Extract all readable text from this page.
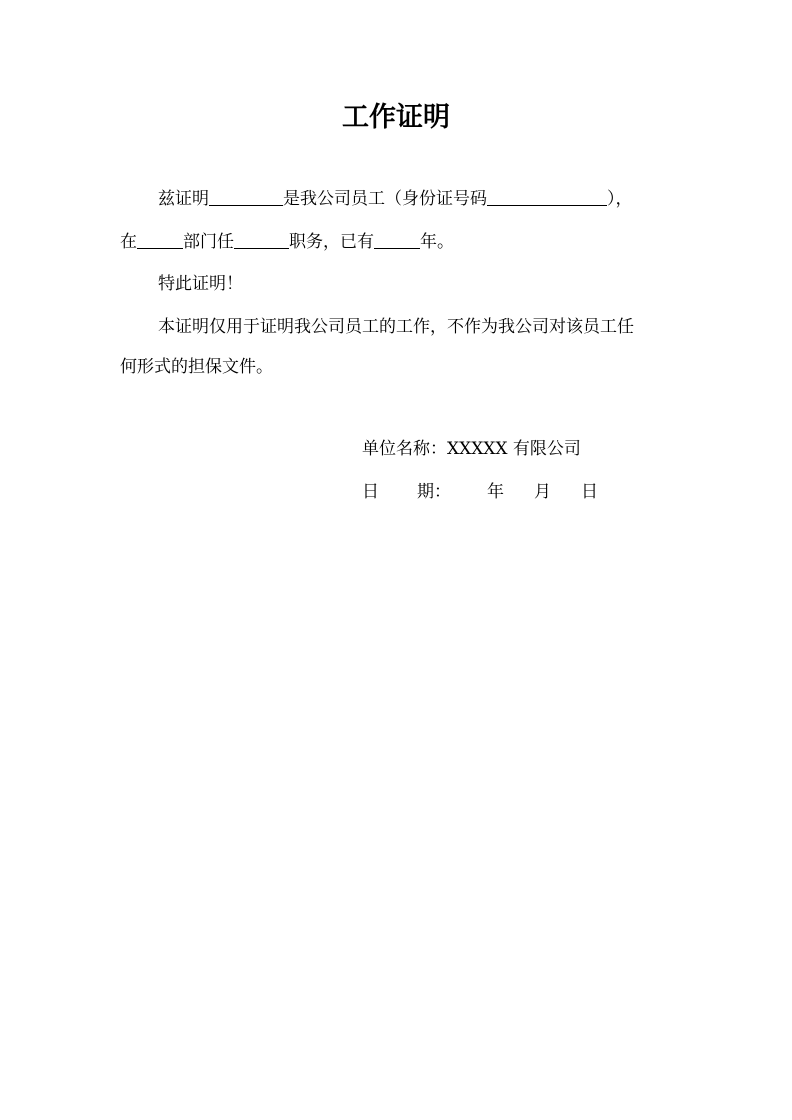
工作证明
兹证明	是我公司员工（身份证号码	），
在	部门任	职务，已有	年。
特此证明！
本证明仅用于证明我公司员工的工作，不作为我公司对该员工任
何形式的担保文件。
单位名称：XXXXX 有限公司
日 期： 年 月 日
